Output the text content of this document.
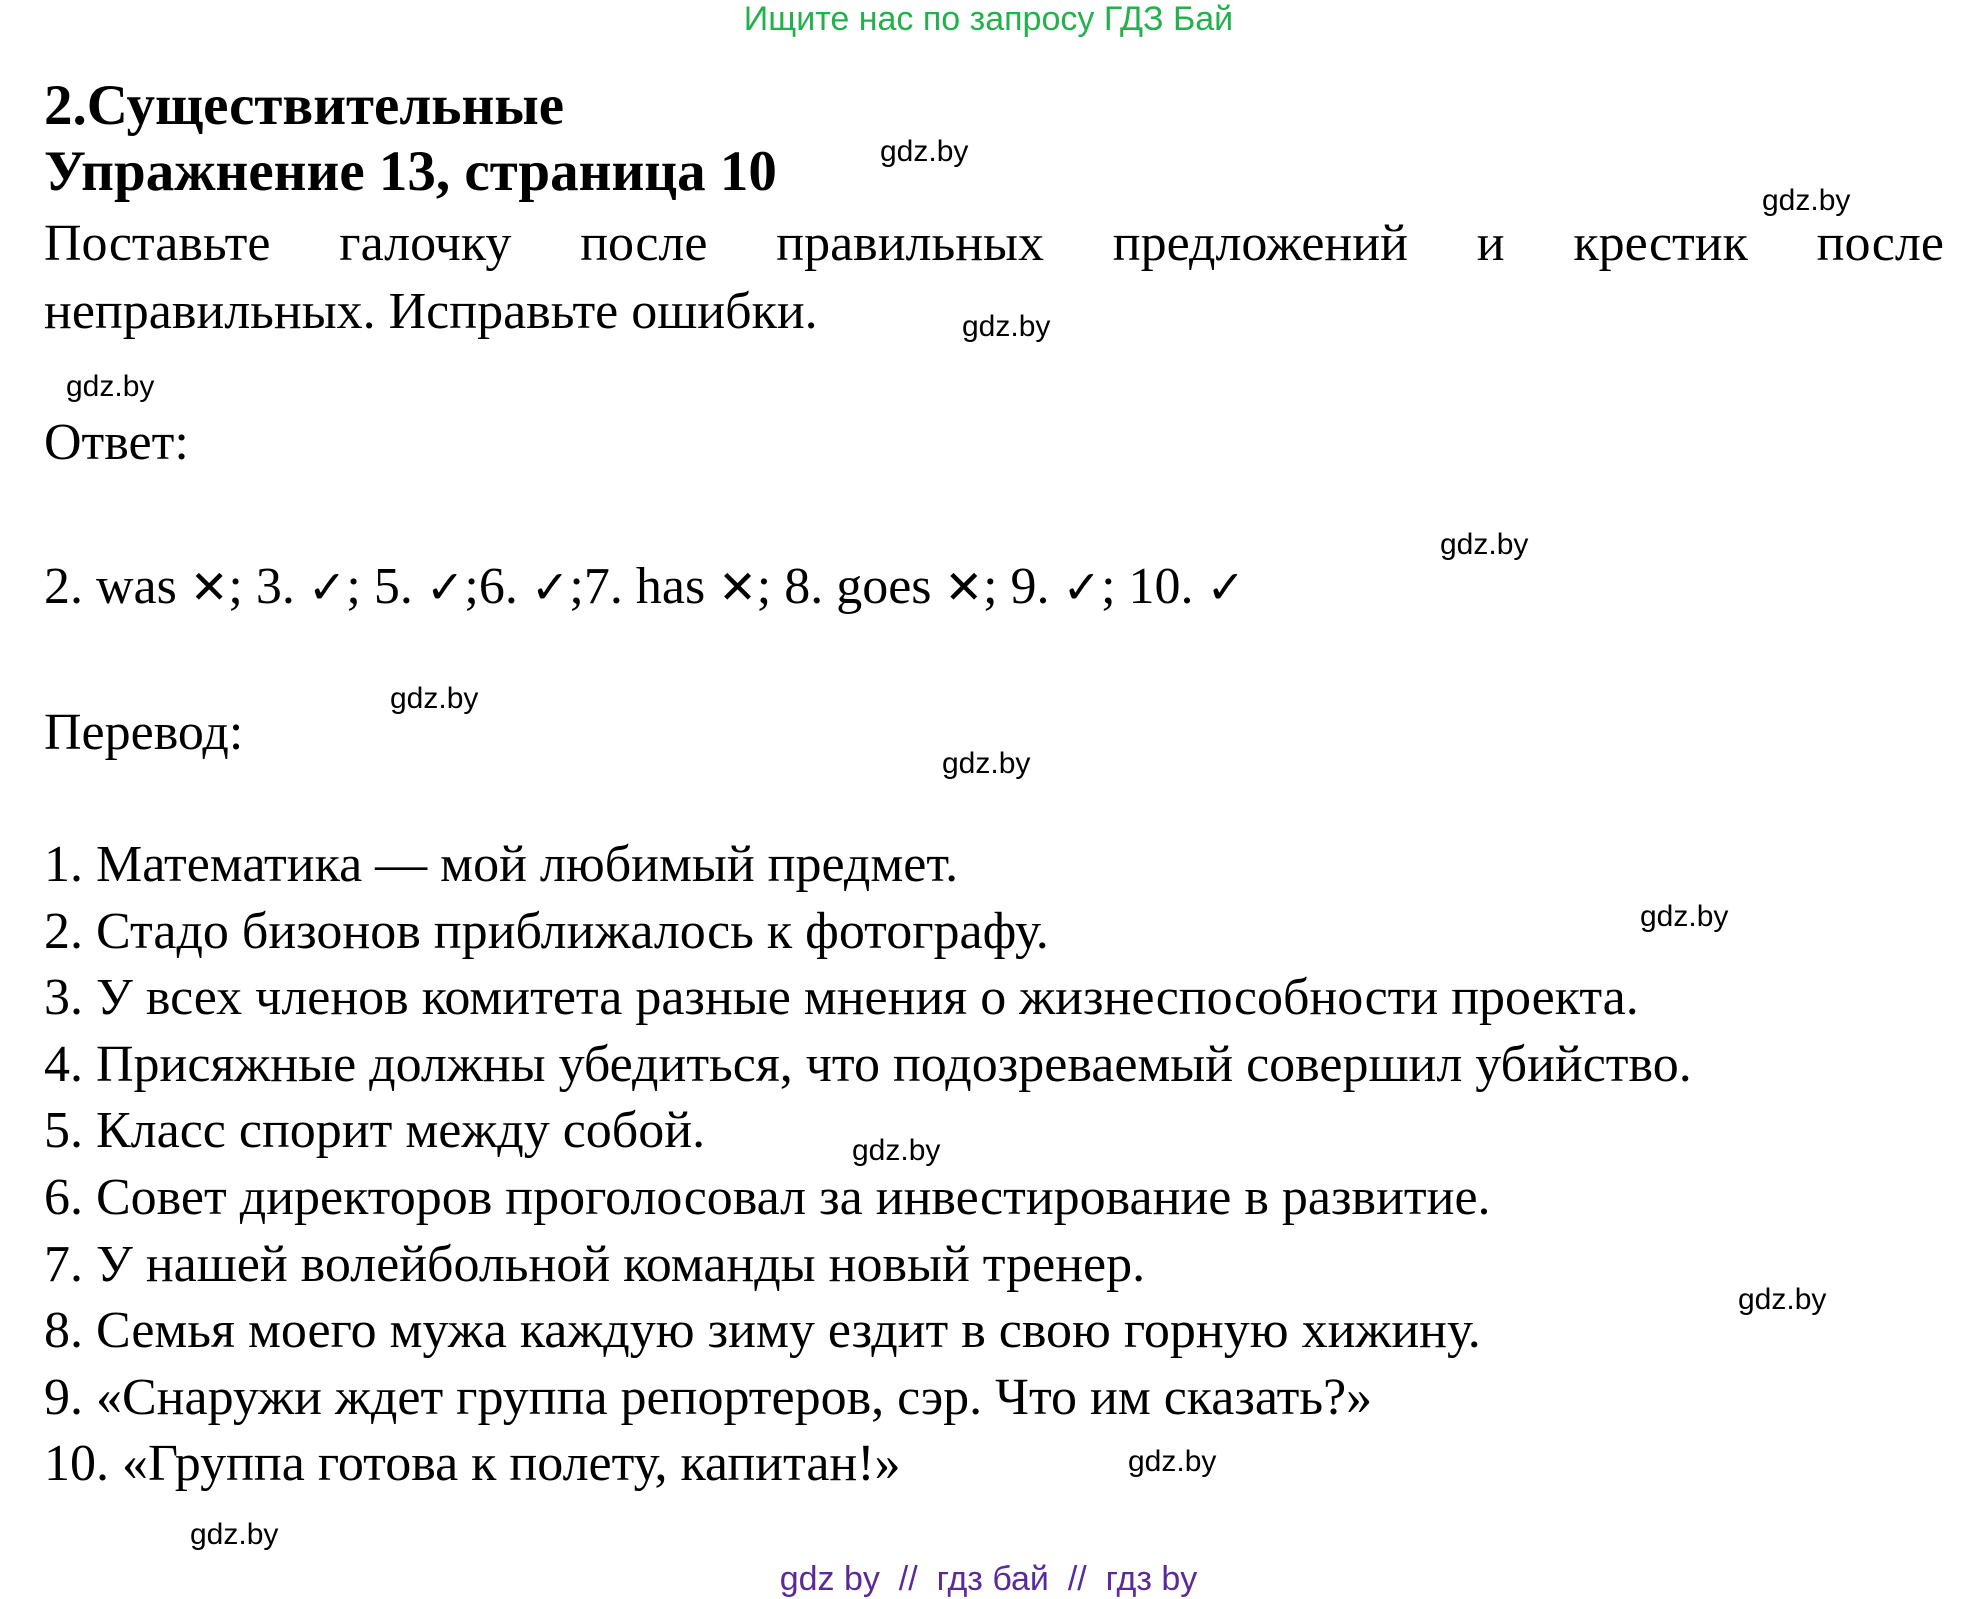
Ищите нас по запросу ГДЗ Бай
2.Существительные
Упражнение 13, страница 10

Поставьте галочку после правильных предложений и крестик после

неправильных. Исправьте ошибки.

Ответ:
2. was ✕; 3. ✓; 5. ✓;6. ✓;7. has ✕; 8. goes ✕; 9. ✓; 10. ✓
Перевод:
1. Математика — мой любимый предмет.
2. Стадо бизонов приближалось к фотографу.
3. У всех членов комитета разные мнения о жизнеспособности проекта.
4. Присяжные должны убедиться, что подозреваемый совершил убийство.
5. Класс спорит между собой.
6. Совет директоров проголосовал за инвестирование в развитие.
7. У нашей волейбольной команды новый тренер.
8. Семья моего мужа каждую зиму ездит в свою горную хижину.
9. «Снаружи ждет группа репортеров, сэр. Что им сказать?»
10. «Группа готова к полету, капитан!»
gdz.by
gdz.by
gdz.by
gdz.by
gdz.by
gdz.by
gdz.by
gdz.by
gdz.by
gdz.by
gdz.by
gdz.by
gdz by  //  гдз бай  //  гдз by
